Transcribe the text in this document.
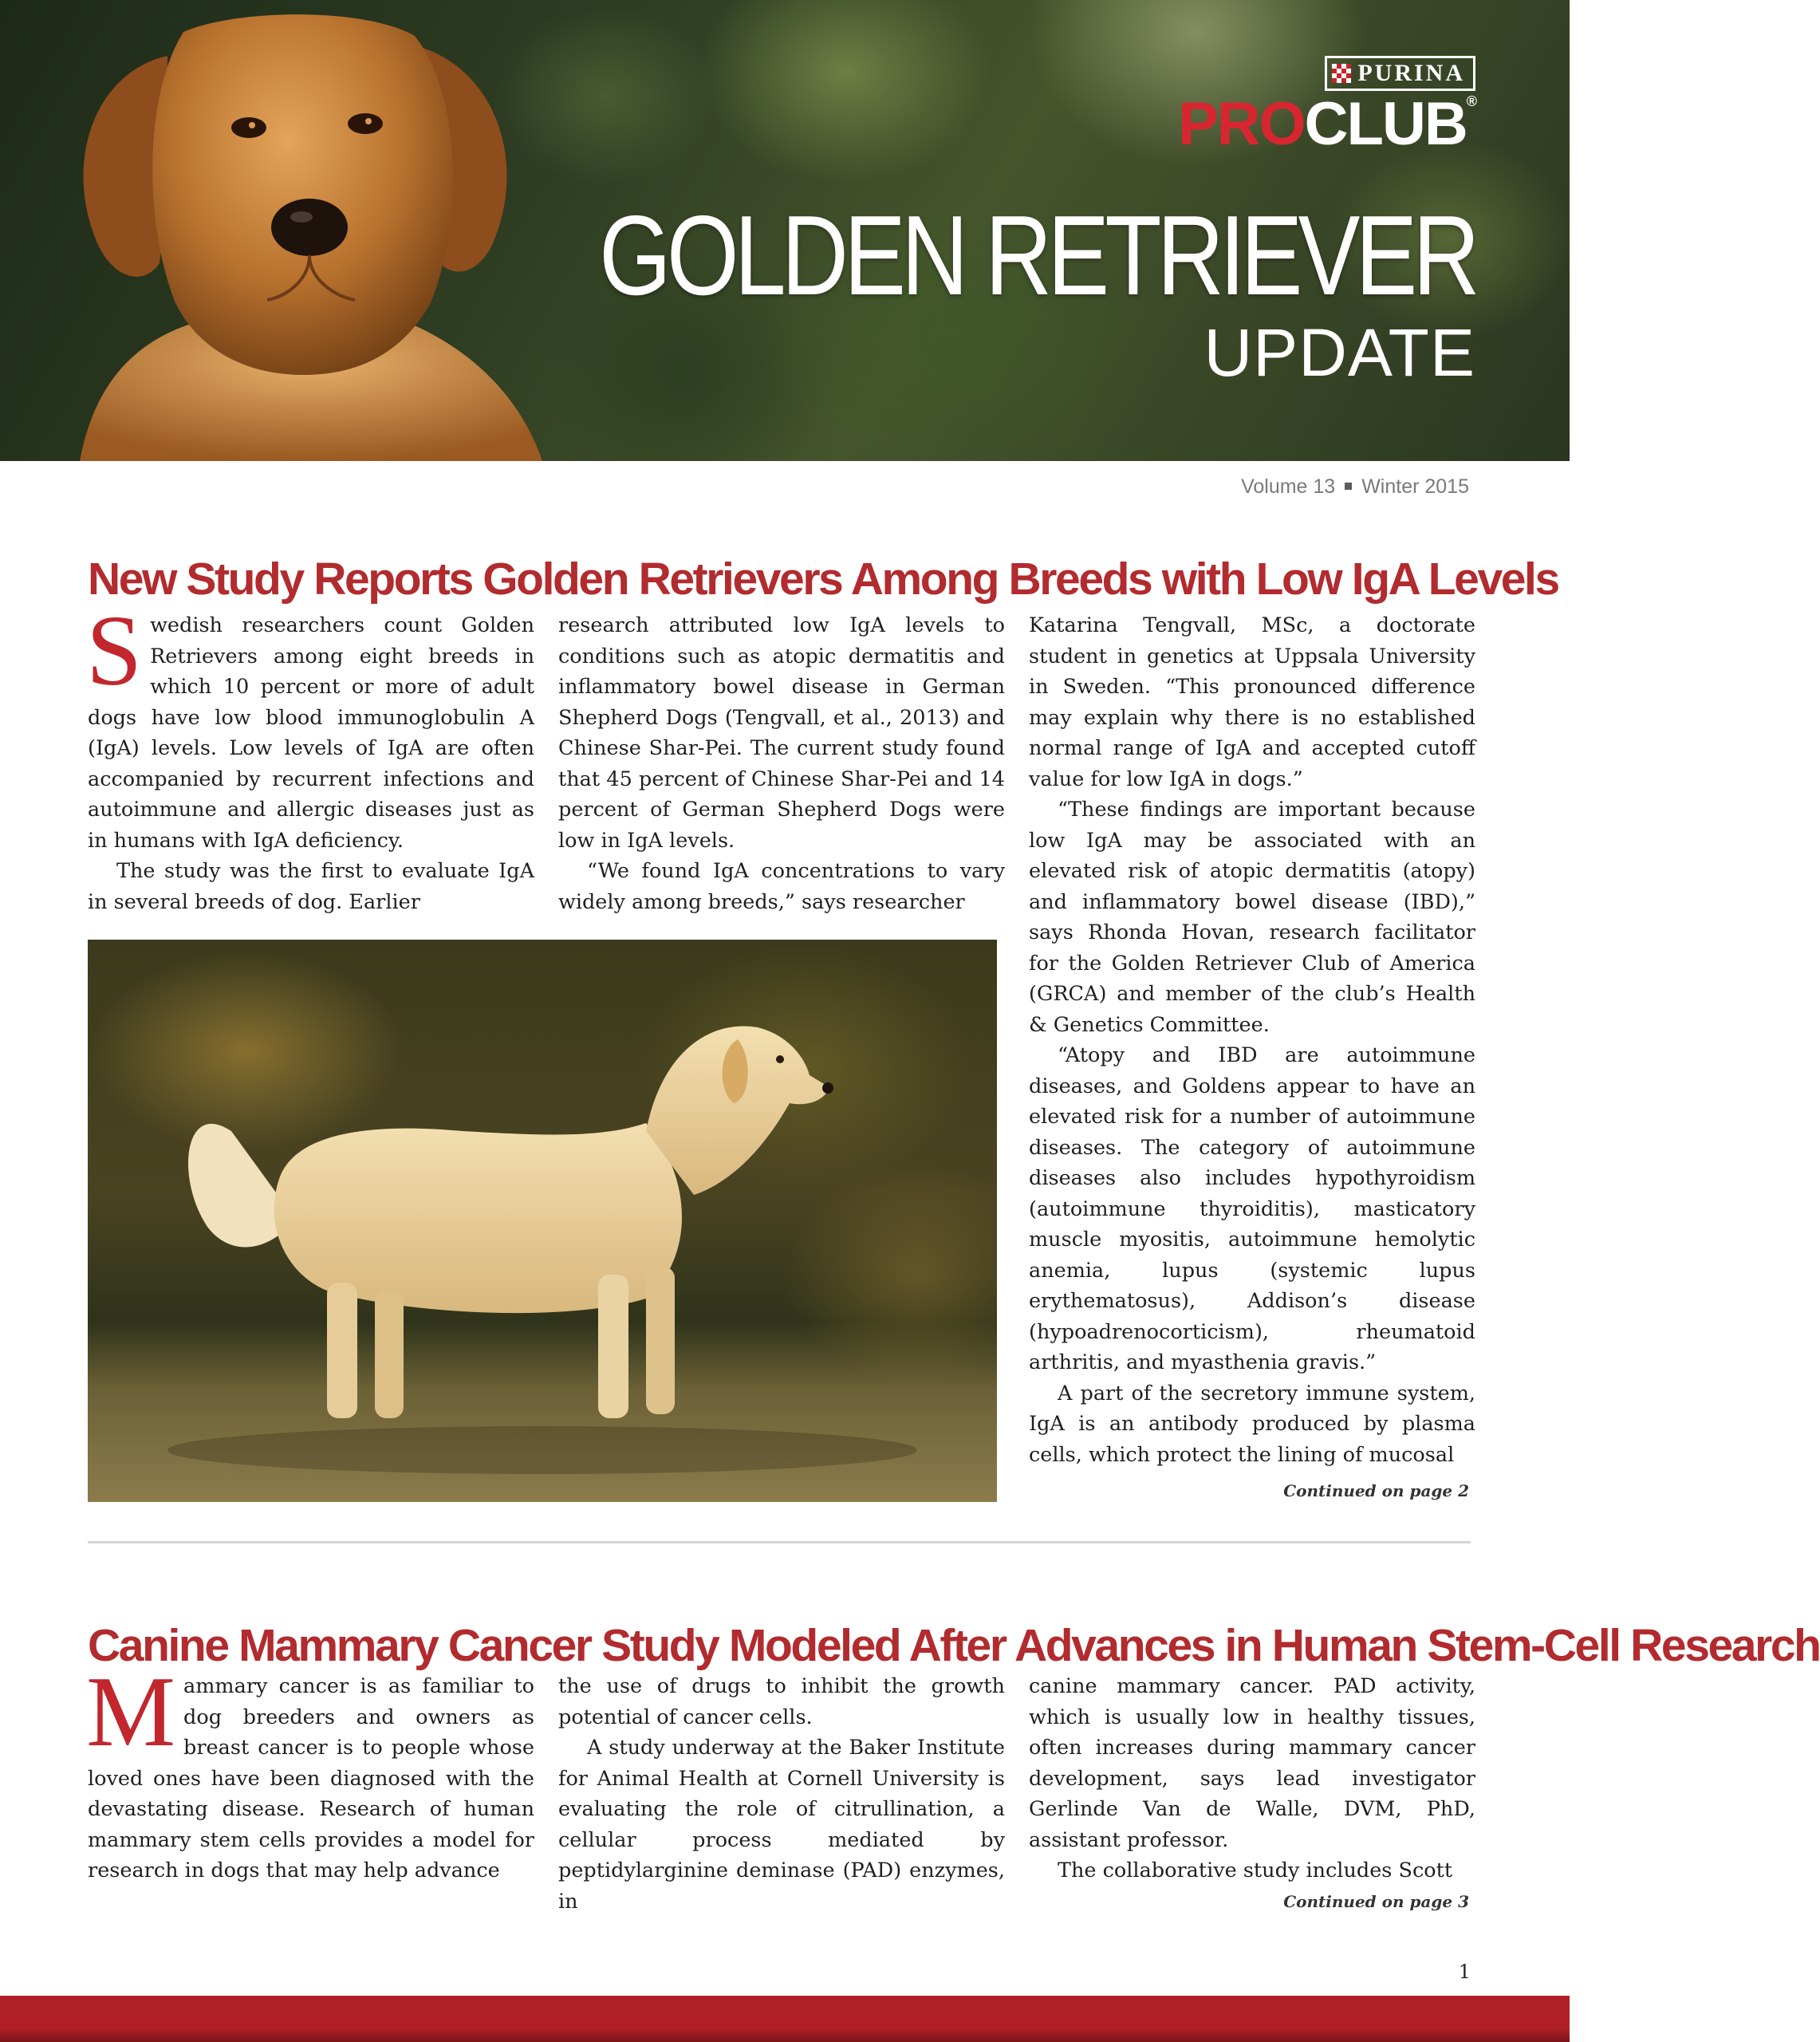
PURINA
PROCLUB®
GOLDEN RETRIEVER
UPDATE
Volume 13 Winter 2015
New Study Reports Golden Retrievers Among Breeds with Low IgA Levels
S wedish researchers count Golden Retrievers among eight breeds in which 10 percent or more of adult dogs have low blood immunoglobulin A (IgA) levels. Low levels of IgA are often accompanied by recurrent infections and autoimmune and allergic diseases just as in humans with IgA deficiency.

The study was the first to evaluate IgA in several breeds of dog. Earlier

research attributed low IgA levels to conditions such as atopic dermatitis and inflammatory bowel disease in German Shepherd Dogs (Tengvall, et al., 2013) and Chinese Shar-Pei. The current study found that 45 percent of Chinese Shar-Pei and 14 percent of German Shepherd Dogs were low in IgA levels.

“We found IgA concentrations to vary widely among breeds,” says researcher

Katarina Tengvall, MSc, a doctorate student in genetics at Uppsala University in Sweden. “This pronounced difference may explain why there is no established normal range of IgA and accepted cutoff value for low IgA in dogs.”

“These findings are important because low IgA may be associated with an elevated risk of atopic dermatitis (atopy) and inflammatory bowel disease (IBD),” says Rhonda Hovan, research facilitator for the Golden Retriever Club of America (GRCA) and member of the club’s Health & Genetics Committee.

“Atopy and IBD are autoimmune diseases, and Goldens appear to have an elevated risk for a number of autoimmune diseases. The category of autoimmune diseases also includes hypothyroidism (autoimmune thyroiditis), masticatory muscle myositis, autoimmune hemolytic anemia, lupus (systemic lupus erythematosus), Addison’s disease (hypoadrenocorticism), rheumatoid arthritis, and myasthenia gravis.”

A part of the secretory immune system, IgA is an antibody produced by plasma cells, which protect the lining of mucosal

Continued on page 2
Canine Mammary Cancer Study Modeled After Advances in Human Stem-Cell Research
M ammary cancer is as familiar to dog breeders and owners as breast cancer is to people whose loved ones have been diagnosed with the devastating disease. Research of human mammary stem cells provides a model for research in dogs that may help advance

the use of drugs to inhibit the growth potential of cancer cells.

A study underway at the Baker Institute for Animal Health at Cornell University is evaluating the role of citrullination, a cellular process mediated by peptidylarginine deminase (PAD) enzymes, in

canine mammary cancer. PAD activity, which is usually low in healthy tissues, often increases during mammary cancer development, says lead investigator Gerlinde Van de Walle, DVM, PhD, assistant professor.

The collaborative study includes Scott

Continued on page 3
1
